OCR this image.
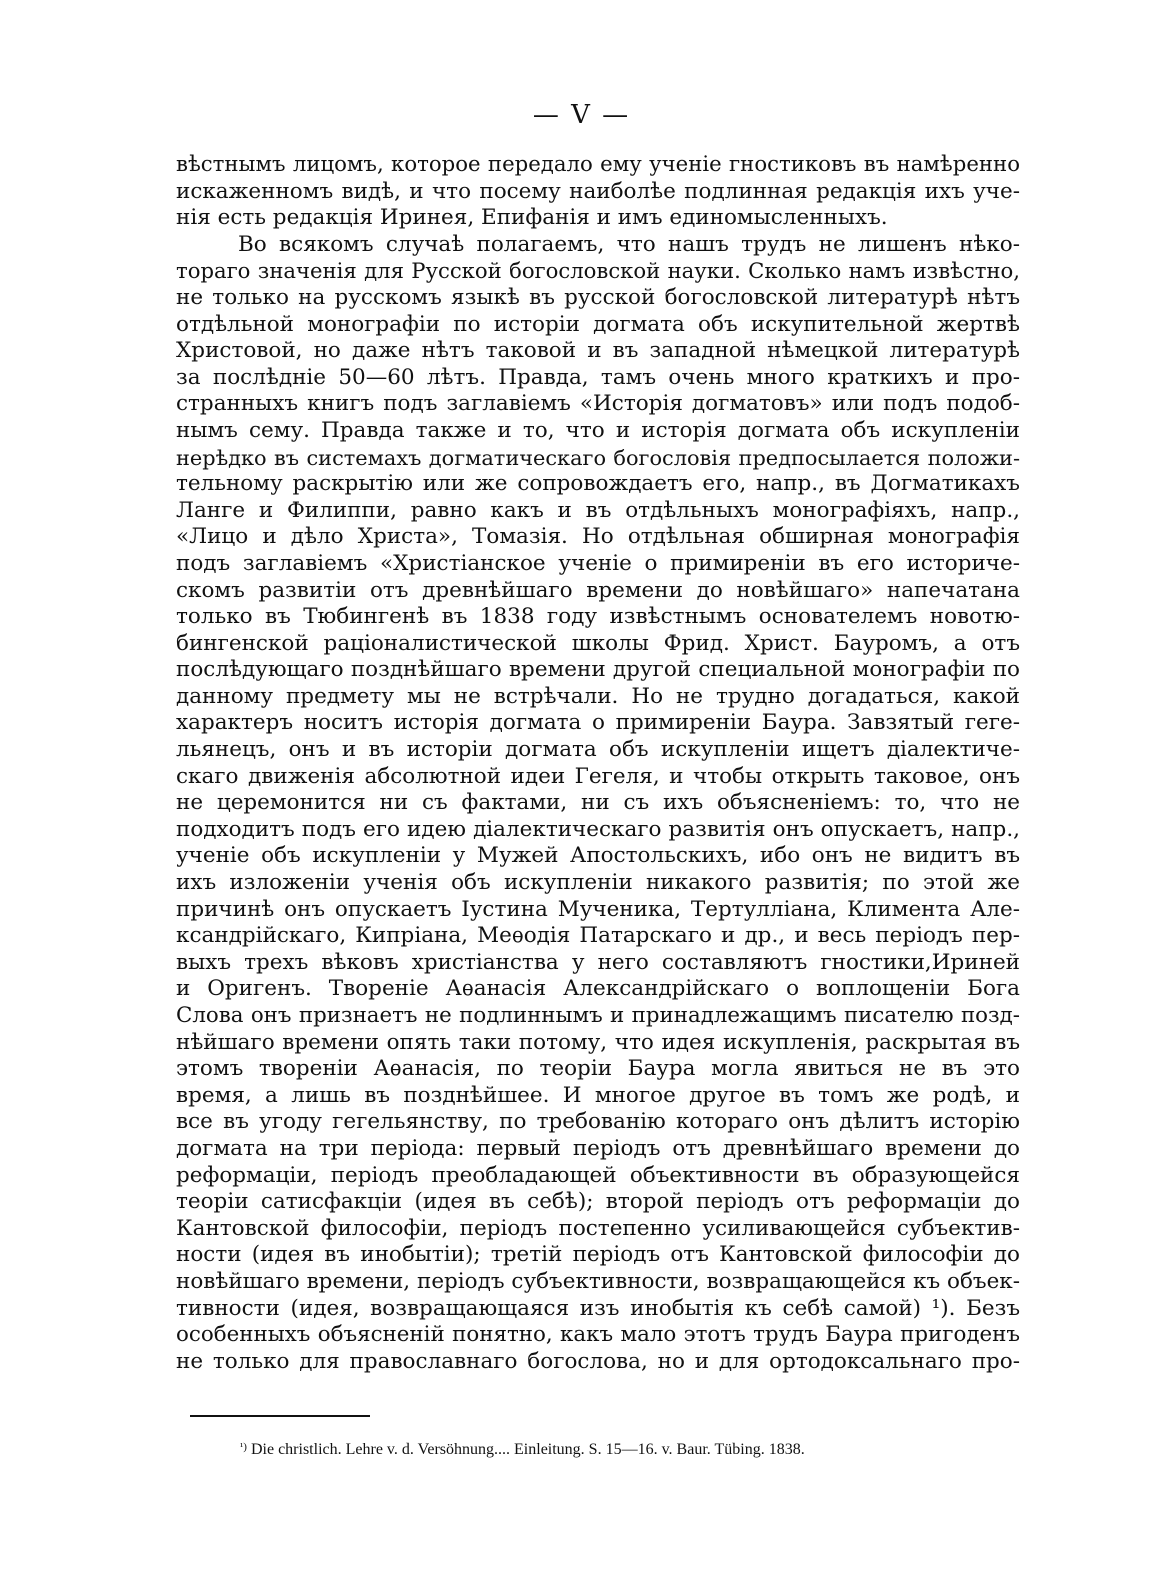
— V —
вѣстнымъ лицомъ, которое передало ему ученіе гностиковъ въ намѣренно
искаженномъ видѣ, и что посему наиболѣе подлинная редакція ихъ уче-
нія есть редакція Иринея, Епифанія и имъ единомысленныхъ.
Во всякомъ случаѣ полагаемъ, что нашъ трудъ не лишенъ нѣко-
тораго значенія для Русской богословской науки. Сколько намъ извѣстно,
не только на русскомъ языкѣ въ русской богословской литературѣ нѣтъ
отдѣльной монографіи по исторіи догмата объ искупительной жертвѣ
Христовой, но даже нѣтъ таковой и въ западной нѣмецкой литературѣ
за послѣдніе 50—60 лѣтъ. Правда, тамъ очень много краткихъ и про-
странныхъ книгъ подъ заглавіемъ «Исторія догматовъ» или подъ подоб-
нымъ сему. Правда также и то, что и исторія догмата объ искупленіи
нерѣдко въ системахъ догматическаго богословія предпосылается положи-
тельному раскрытію или же сопровождаетъ его, напр., въ Догматикахъ
Ланге и Филиппи, равно какъ и въ отдѣльныхъ монографіяхъ, напр.,
«Лицо и дѣло Христа», Томазія. Но отдѣльная обширная монографія
подъ заглавіемъ «Христіанское ученіе о примиреніи въ его историче-
скомъ развитіи отъ древнѣйшаго времени до новѣйшаго» напечатана
только въ Тюбингенѣ въ 1838 году извѣстнымъ основателемъ новотю-
бингенской раціоналистической школы Фрид. Христ. Бауромъ, а отъ
послѣдующаго позднѣйшаго времени другой специальной монографіи по
данному предмету мы не встрѣчали. Но не трудно догадаться, какой
характеръ носитъ исторія догмата о примиреніи Баура. Завзятый геге-
льянецъ, онъ и въ исторіи догмата объ искупленіи ищетъ діалектиче-
скаго движенія абсолютной идеи Гегеля, и чтобы открыть таковое, онъ
не церемонится ни съ фактами, ни съ ихъ объясненіемъ: то, что не
подходитъ подъ его идею діалектическаго развитія онъ опускаетъ, напр.,
ученіе объ искупленіи у Мужей Апостольскихъ, ибо онъ не видитъ въ
ихъ изложеніи ученія объ искупленіи никакого развитія; по этой же
причинѣ онъ опускаетъ Іустина Мученика, Тертулліана, Климента Але-
ксандрійскаго, Кипріана, Меѳодія Патарскаго и др., и весь періодъ пер-
выхъ трехъ вѣковъ христіанства у него составляютъ гностики,Ириней
и Оригенъ. Твореніе Аѳанасія Александрійскаго о воплощеніи Бога
Слова онъ признаетъ не подлиннымъ и принадлежащимъ писателю позд-
нѣйшаго времени опять таки потому, что идея искупленія, раскрытая въ
этомъ твореніи Аѳанасія, по теоріи Баура могла явиться не въ это
время, а лишь въ позднѣйшее. И многое другое въ томъ же родѣ, и
все въ угоду гегельянству, по требованію котораго онъ дѣлитъ исторію
догмата на три періода: первый періодъ отъ древнѣйшаго времени до
реформаціи, періодъ преобладающей объективности въ образующейся
теоріи сатисфакціи (идея въ себѣ); второй періодъ отъ реформаціи до
Кантовской философіи, періодъ постепенно усиливающейся субъектив-
ности (идея въ инобытіи); третій періодъ отъ Кантовской философіи до
новѣйшаго времени, періодъ субъективности, возвращающейся къ объек-
тивности (идея, возвращающаяся изъ инобытія къ себѣ самой) ¹). Безъ
особенныхъ объясненій понятно, какъ мало этотъ трудъ Баура пригоденъ
не только для православнаго богослова, но и для ортодоксальнаго про-
$^{^1)}$ Die christlich. Lehre v. d. Versöhnung.... Einleitung. S. 15—16. v. Baur. Tübing. 1838.
